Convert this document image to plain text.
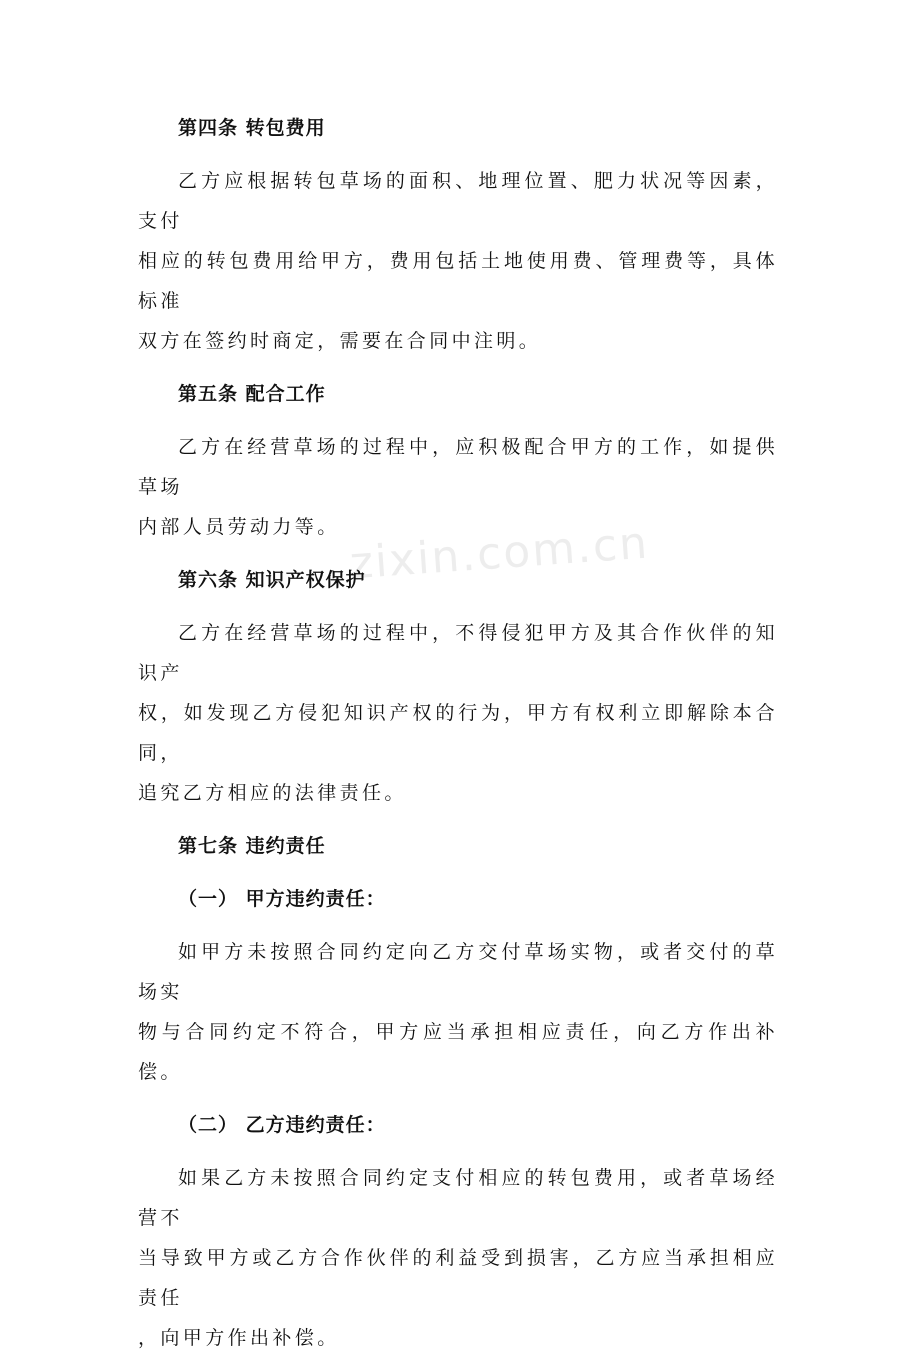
zixin.com.cn
第四条 转包费用
乙方应根据转包草场的面积、地理位置、肥力状况等因素，支付
相应的转包费用给甲方，费用包括土地使用费、管理费等，具体标准
双方在签约时商定，需要在合同中注明。
第五条 配合工作
乙方在经营草场的过程中，应积极配合甲方的工作，如提供草场
内部人员劳动力等。
第六条 知识产权保护
乙方在经营草场的过程中，不得侵犯甲方及其合作伙伴的知识产
权，如发现乙方侵犯知识产权的行为，甲方有权利立即解除本合同，
追究乙方相应的法律责任。
第七条 违约责任
（一） 甲方违约责任：
如甲方未按照合同约定向乙方交付草场实物，或者交付的草场实
物与合同约定不符合，甲方应当承担相应责任，向乙方作出补偿。
（二） 乙方违约责任：
如果乙方未按照合同约定支付相应的转包费用，或者草场经营不
当导致甲方或乙方合作伙伴的利益受到损害，乙方应当承担相应责任
，向甲方作出补偿。
